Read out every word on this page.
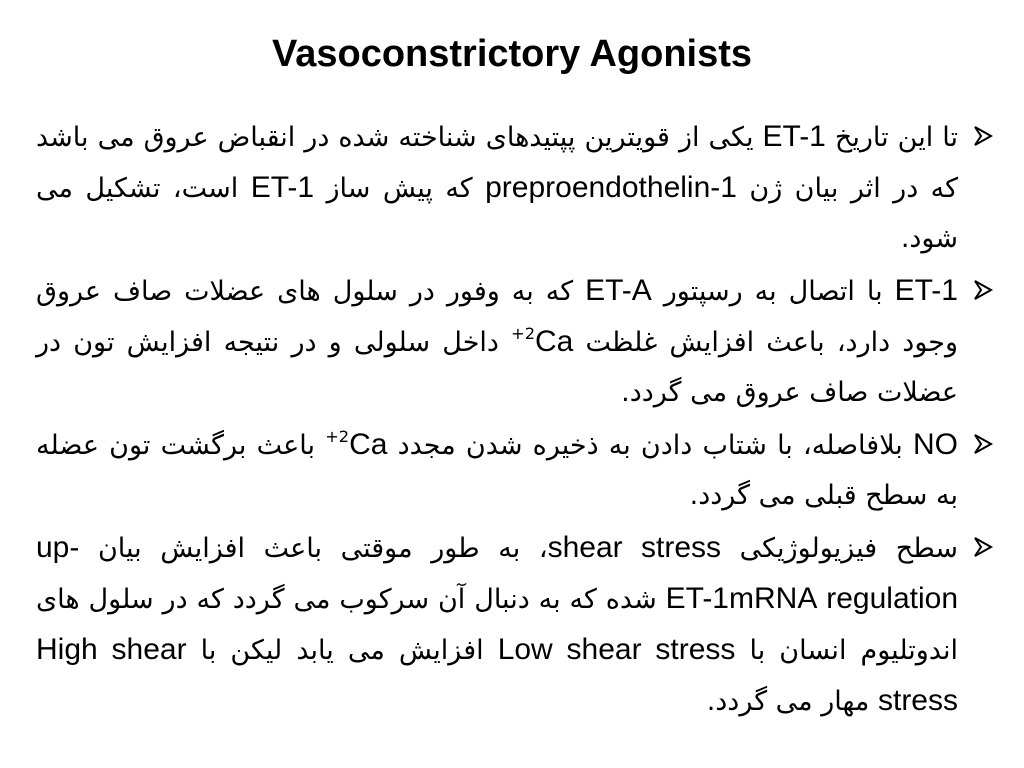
Vasoconstrictory Agonists
تا این تاریخ ET-1 یکی از قویترین پپتیدهای شناخته شده در انقباض عروق می باشد که در اثر بیان ژن preproendothelin-1 که پیش ساز ET-1 است، تشکیل می شود.
ET-1 با اتصال به رسپتور ET-A که به وفور در سلول های عضلات صاف عروق وجود دارد، باعث افزایش غلظت $Ca^{2+}$ داخل سلولی و در نتیجه افزایش تون در عضلات صاف عروق می گردد.
NO بلافاصله، با شتاب دادن به ذخیره شدن مجدد $Ca^{2+}$ باعث برگشت تون عضله به سطح قبلی می گردد.
سطح فیزیولوژیکی shear stress، به طور موقتی باعث افزایش بیان up-regulation ET-1mRNA شده که به دنبال آن سرکوب می گردد که در سلول های اندوتلیوم انسان با Low shear stress افزایش می یابد لیکن با High shear stress مهار می گردد.
